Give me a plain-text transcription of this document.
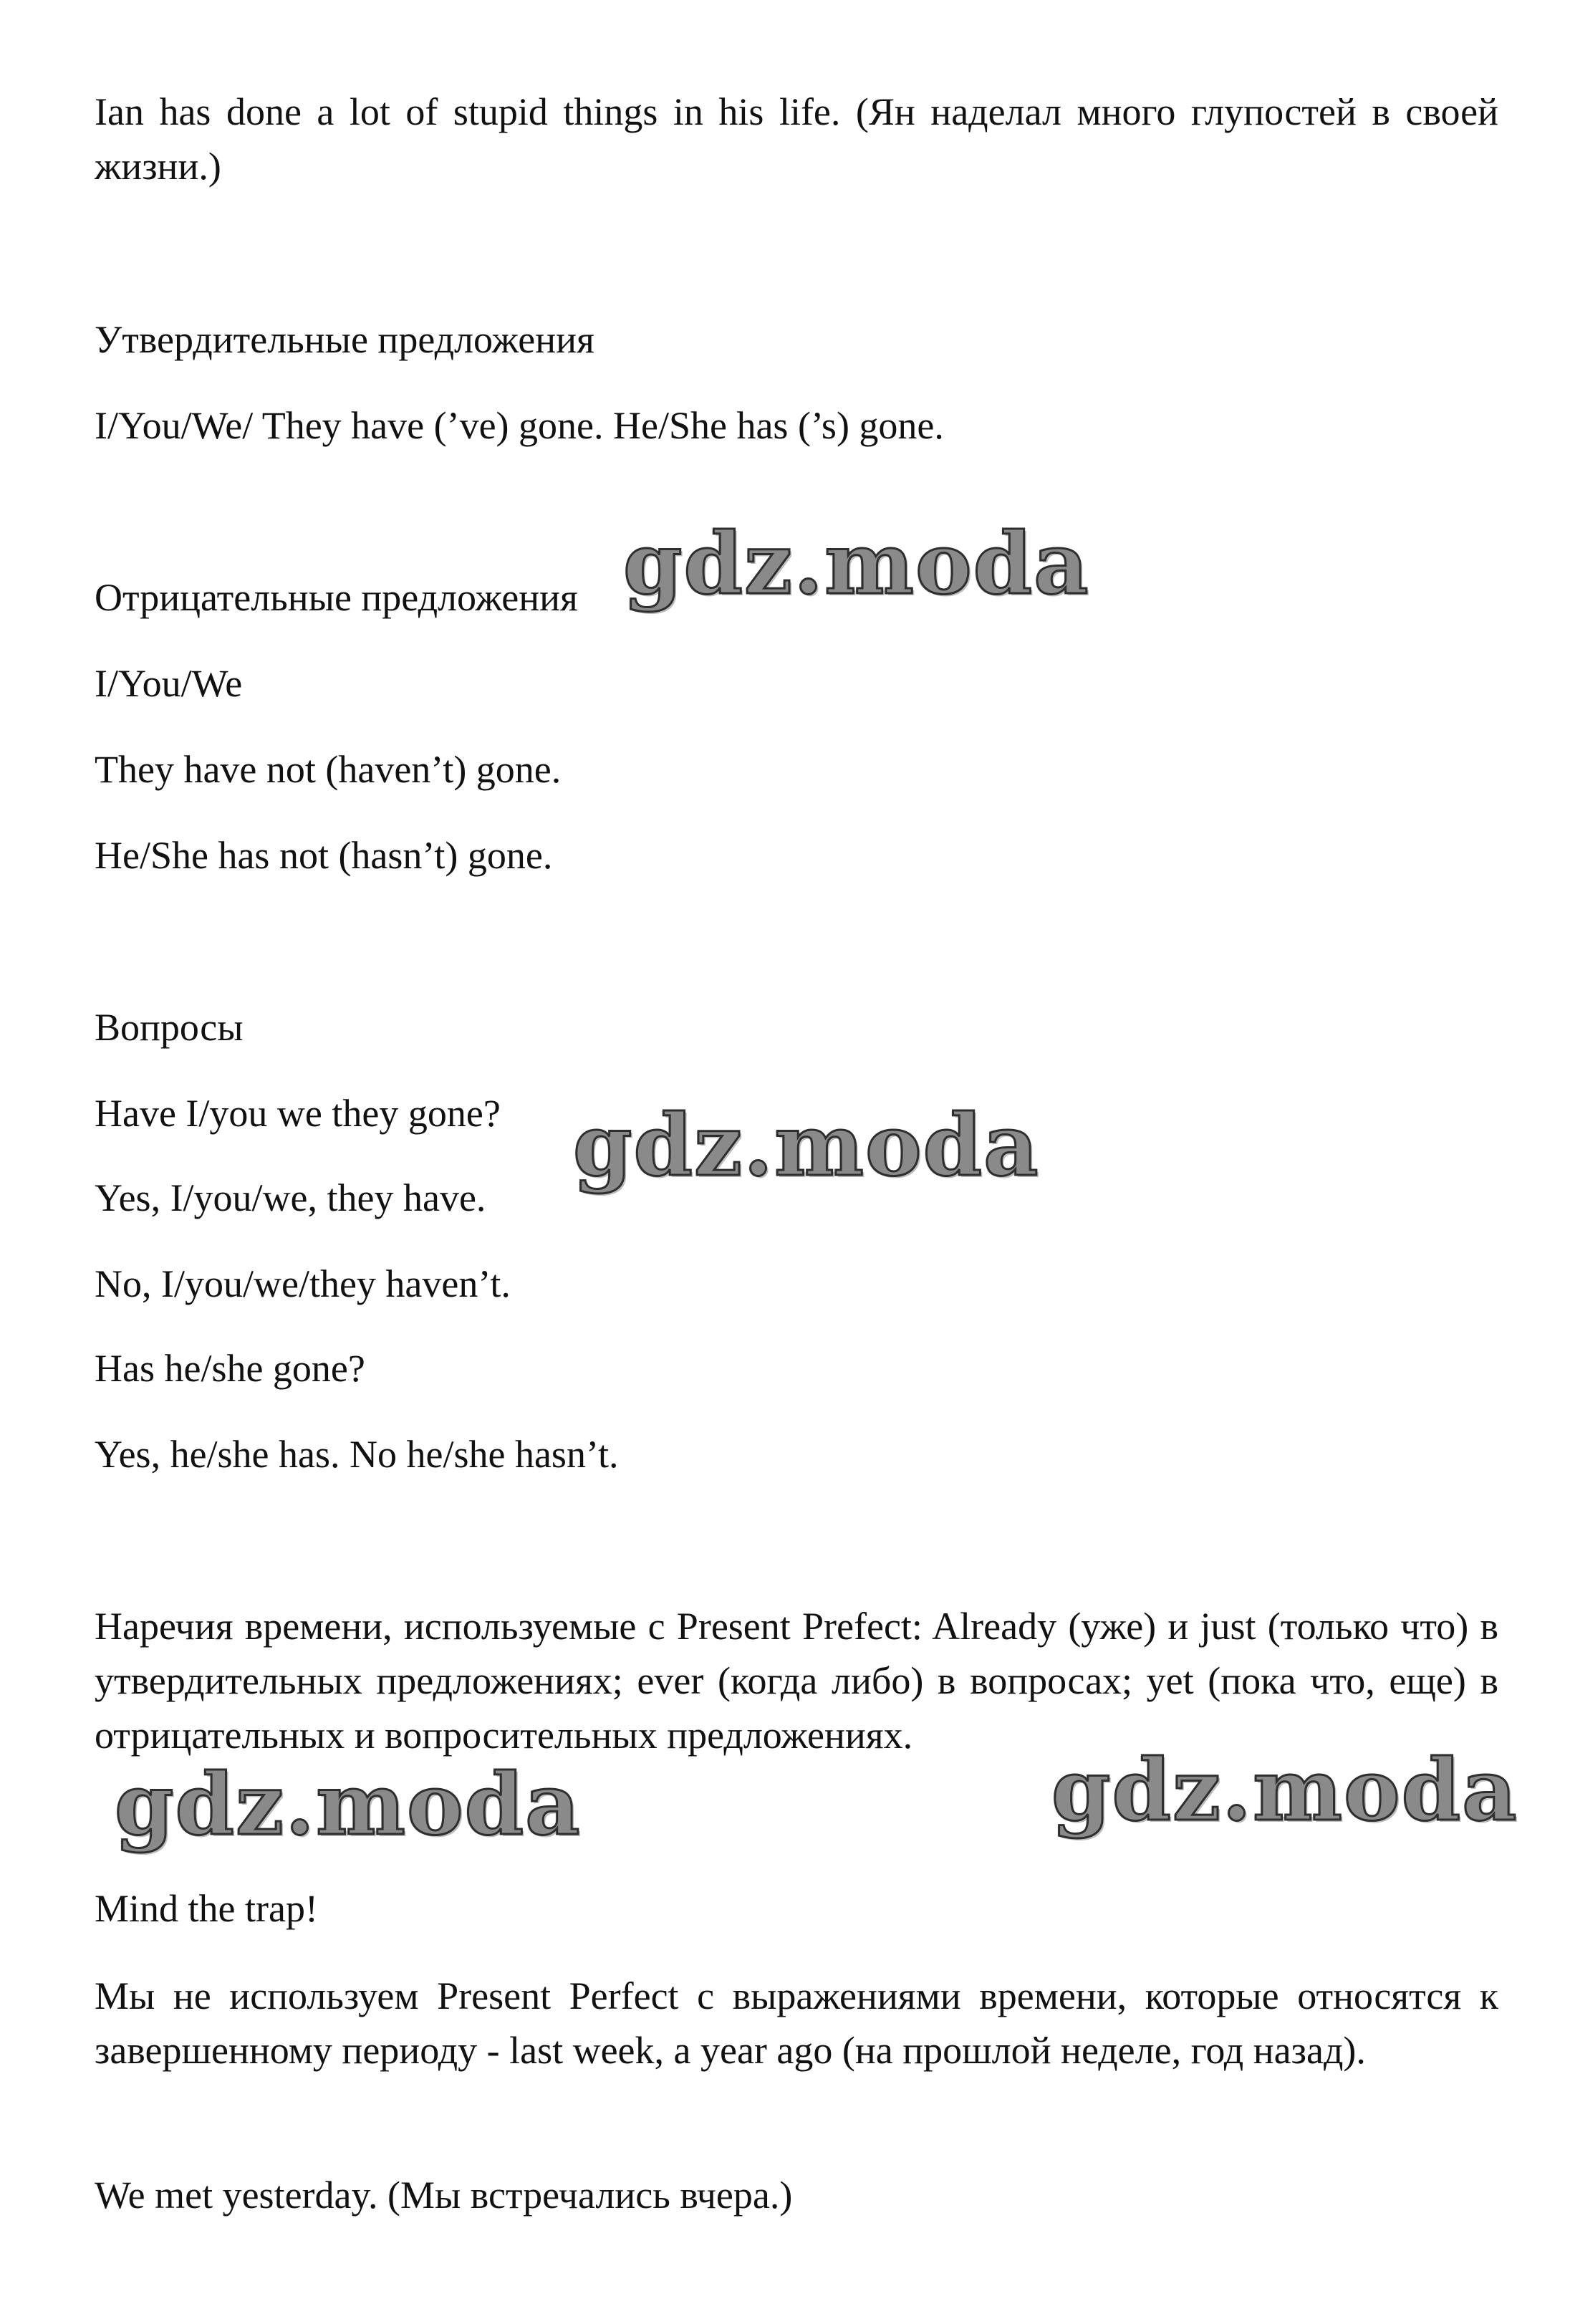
Ian has done a lot of stupid things in his life. (Ян наделал много глупостей в своей жизни.)
Утвердительные предложения
I/You/We/ They have (’ve) gone. He/She has (’s) gone.
Отрицательные предложения
I/You/We
They have not (haven’t) gone.
He/She has not (hasn’t) gone.
Вопросы
Have I/you we they gone?
Yes, I/you/we, they have.
No, I/you/we/they haven’t.
Has he/she gone?
Yes, he/she has. No he/she hasn’t.
Наречия времени, используемые с Present Prefect: Already (уже) и just (только что) в утвердительных предложениях; ever (когда либо) в вопросах; yet (пока что, еще) в отрицательных и вопросительных предложениях.
Mind the trap!
Мы не используем Present Perfect с выражениями времени, которые относятся к завершенному периоду - last week, a year ago (на прошлой неделе, год назад).
We met yesterday. (Мы встречались вчера.)
gdz.moda
gdz.moda
gdz.moda	gdz.moda
